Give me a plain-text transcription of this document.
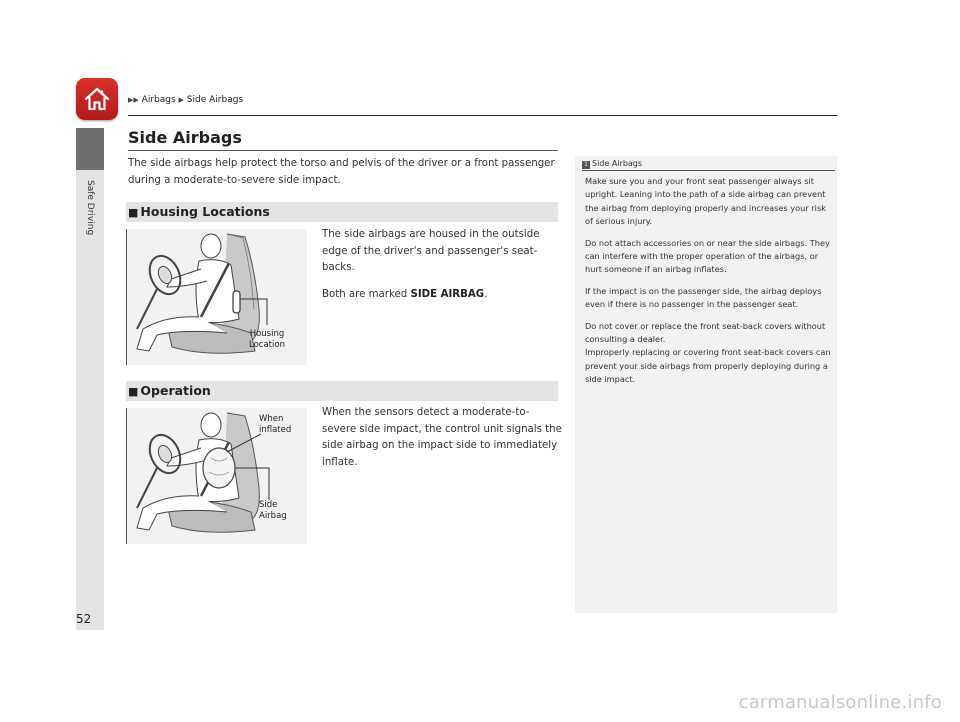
▶▶ Airbags ▶ Side Airbags
Safe Driving
Side Airbags
The side airbags help protect the torso and pelvis of the driver or a front passenger during a moderate-to-severe side impact.
■ Housing Locations
Housing
Location
The side airbags are housed in the outside edge of the driver's and passenger's seat-backs.
Both are marked SIDE AIRBAG.
■ Operation
When
inflated
Side
Airbag
When the sensors detect a moderate-to-severe side impact, the control unit signals the side airbag on the impact side to immediately inflate.
1 Side Airbags

Make sure you and your front seat passenger always sit upright. Leaning into the path of a side airbag can prevent the airbag from deploying properly and increases your risk of serious injury.

Do not attach accessories on or near the side airbags. They can interfere with the proper operation of the airbags, or hurt someone if an airbag inflates.

If the impact is on the passenger side, the airbag deploys even if there is no passenger in the passenger seat.

Do not cover or replace the front seat-back covers without consulting a dealer.
Improperly replacing or covering front seat-back covers can prevent your side airbags from properly deploying during a side impact.

52
carmanualsonline.info
